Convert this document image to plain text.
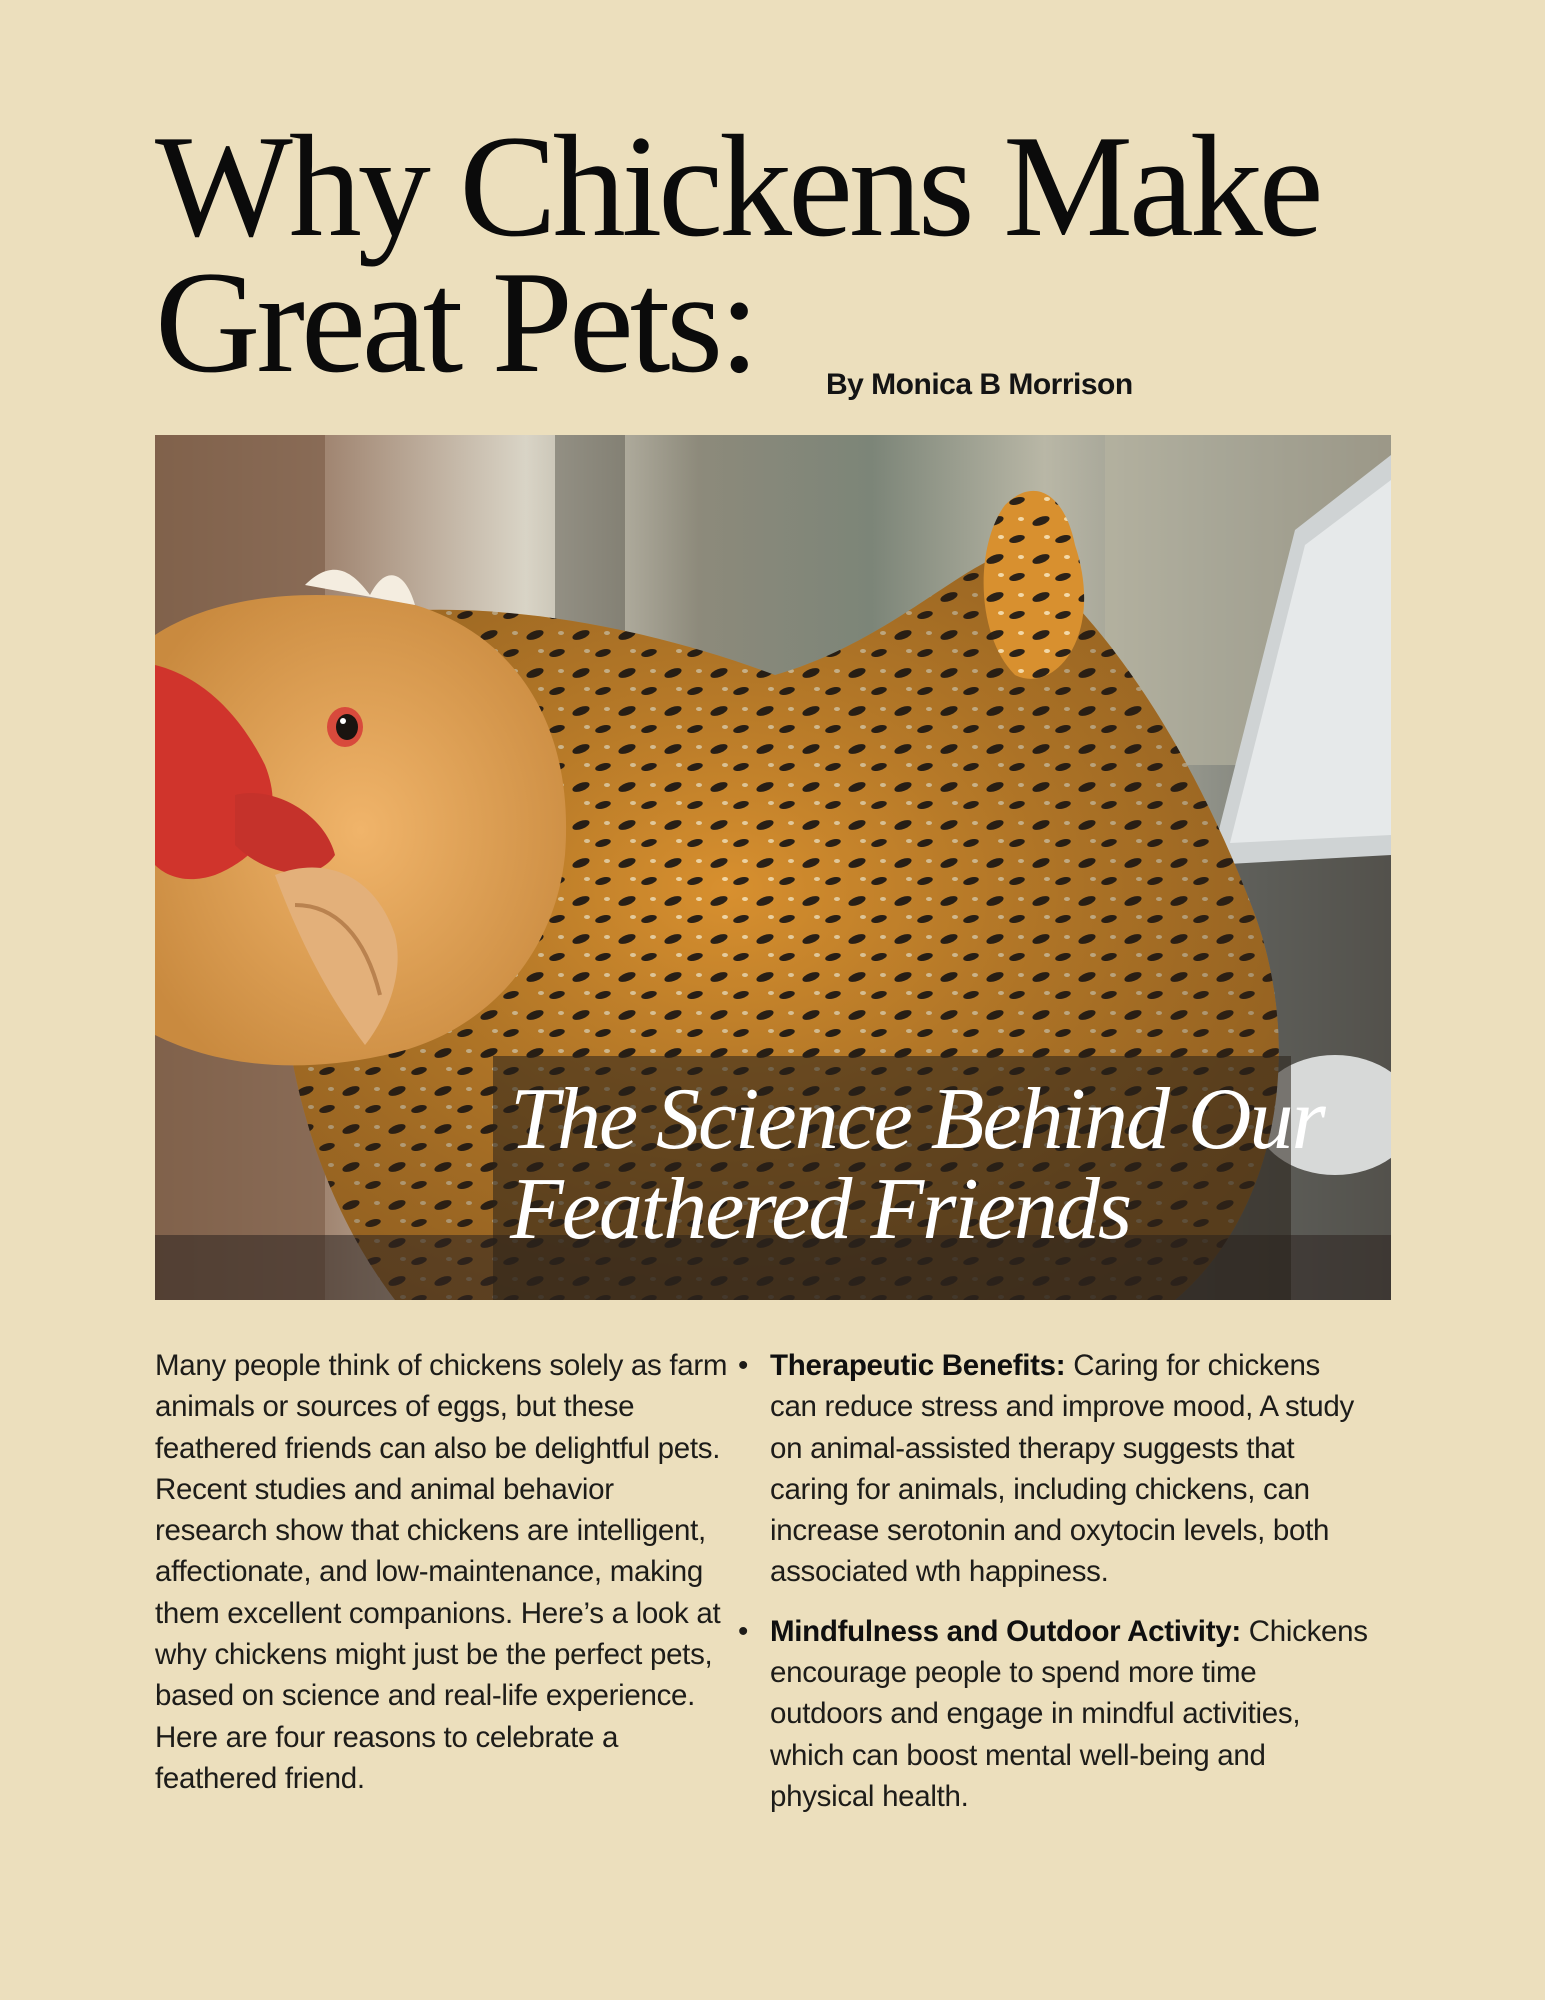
Why Chickens Make
Great Pets:	By Monica B Morrison
The Science Behind Our
Feathered Friends

Many people think of chickens solely as farm animals or sources of eggs, but these feathered friends can also be delightful pets. Recent studies and animal behavior research show that chickens are intelligent, affectionate, and low-maintenance, making them excellent companions. Here’s a look at why chickens might just be the perfect pets, based on science and real-life experience. Here are four reasons to celebrate a feathered friend.

• Therapeutic Benefits: Caring for chickens can reduce stress and improve mood, A study on animal-assisted therapy suggests that caring for animals, including chickens, can increase serotonin and oxytocin levels, both associated wth happiness.
• Mindfulness and Outdoor Activity: Chickens encourage people to spend more time outdoors and engage in mindful activities, which can boost mental well-being and physical health.
